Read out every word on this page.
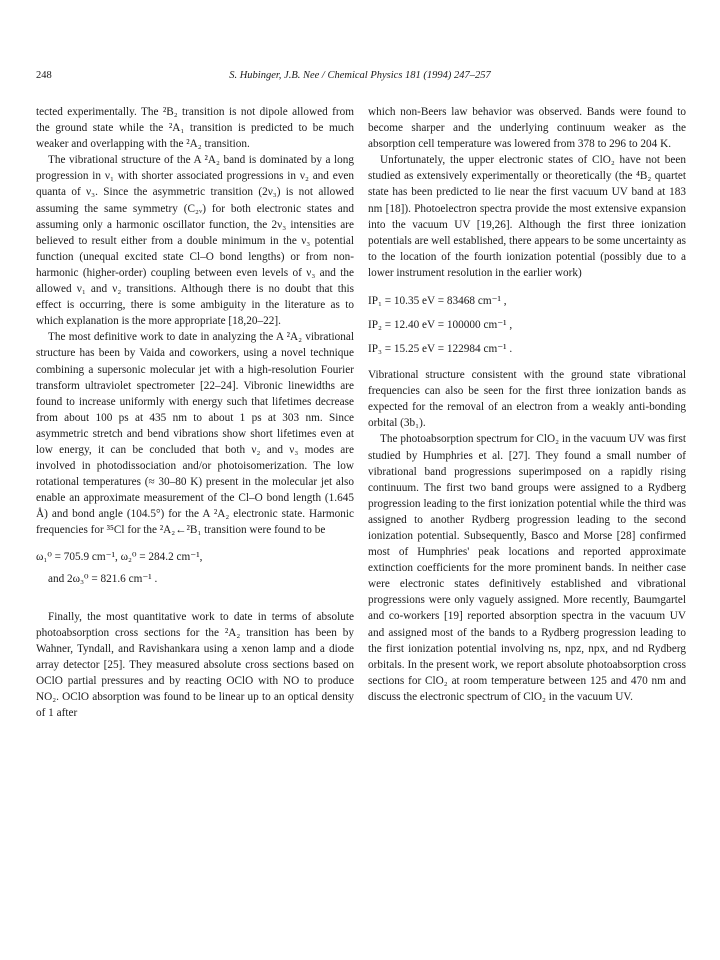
248	S. Hubinger, J.B. Nee / Chemical Physics 181 (1994) 247–257

tected experimentally. The ²B₂ transition is not dipole allowed from the ground state while the ²A₁ transition is predicted to be much weaker and overlapping with the ²A₂ transition.

The vibrational structure of the A ²A₂ band is dominated by a long progression in ν₁ with shorter associated progressions in ν₂ and even quanta of ν₃. Since the asymmetric transition (2ν₃) is not allowed assuming the same symmetry (C₂ᵥ) for both electronic states and assuming only a harmonic oscillator function, the 2ν₃ intensities are believed to result either from a double minimum in the ν₃ potential function (unequal excited state Cl–O bond lengths) or from non-harmonic (higher-order) coupling between even levels of ν₃ and the allowed ν₁ and ν₂ transitions. Although there is no doubt that this effect is occurring, there is some ambiguity in the literature as to which explanation is the more appropriate [18,20–22].

The most definitive work to date in analyzing the A ²A₂ vibrational structure has been by Vaida and coworkers, using a novel technique combining a supersonic molecular jet with a high-resolution Fourier transform ultraviolet spectrometer [22–24]. Vibronic linewidths are found to increase uniformly with energy such that lifetimes decrease from about 100 ps at 435 nm to about 1 ps at 303 nm. Since asymmetric stretch and bend vibrations show short lifetimes even at low energy, it can be concluded that both ν₂ and ν₃ modes are involved in photodissociation and/or photoisomerization. The low rotational temperatures (≈ 30–80 K) present in the molecular jet also enable an approximate measurement of the Cl–O bond length (1.645 Å) and bond angle (104.5°) for the A ²A₂ electronic state. Harmonic frequencies for ³⁵Cl for the ²A₂←²B₁ transition were found to be

ω₁⁰ = 705.9 cm⁻¹, ω₂⁰ = 284.2 cm⁻¹,
and 2ω₃⁰ = 821.6 cm⁻¹ .

Finally, the most quantitative work to date in terms of absolute photoabsorption cross sections for the ²A₂ transition has been by Wahner, Tyndall, and Ravishankara using a xenon lamp and a diode array detector [25]. They measured absolute cross sections based on OClO partial pressures and by reacting OClO with NO to produce NO₂. OClO absorption was found to be linear up to an optical density of 1 after

which non-Beers law behavior was observed. Bands were found to become sharper and the underlying continuum weaker as the absorption cell temperature was lowered from 378 to 296 to 204 K.

Unfortunately, the upper electronic states of ClO₂ have not been studied as extensively experimentally or theoretically (the ⁴B₂ quartet state has been predicted to lie near the first vacuum UV band at 183 nm [18]). Photoelectron spectra provide the most extensive expansion into the vacuum UV [19,26]. Although the first three ionization potentials are well established, there appears to be some uncertainty as to the location of the fourth ionization potential (possibly due to a lower instrument resolution in the earlier work)

IP₁ = 10.35 eV = 83468 cm⁻¹ ,
IP₂ = 12.40 eV = 100000 cm⁻¹ ,
IP₃ = 15.25 eV = 122984 cm⁻¹ .

Vibrational structure consistent with the ground state vibrational frequencies can also be seen for the first three ionization bands as expected for the removal of an electron from a weakly anti-bonding orbital (3b₁).

The photoabsorption spectrum for ClO₂ in the vacuum UV was first studied by Humphries et al. [27]. They found a small number of vibrational band progressions superimposed on a rapidly rising continuum. The first two band groups were assigned to a Rydberg progression leading to the first ionization potential while the third was assigned to another Rydberg progression leading to the second ionization potential. Subsequently, Basco and Morse [28] confirmed most of Humphries' peak locations and reported approximate extinction coefficients for the more prominent bands. In neither case were electronic states definitively established and vibrational progressions were only vaguely assigned. More recently, Baumgartel and co-workers [19] reported absorption spectra in the vacuum UV and assigned most of the bands to a Rydberg progression leading to the first ionization potential involving ns, npz, npx, and nd Rydberg orbitals. In the present work, we report absolute photoabsorption cross sections for ClO₂ at room temperature between 125 and 470 nm and discuss the electronic spectrum of ClO₂ in the vacuum UV.
